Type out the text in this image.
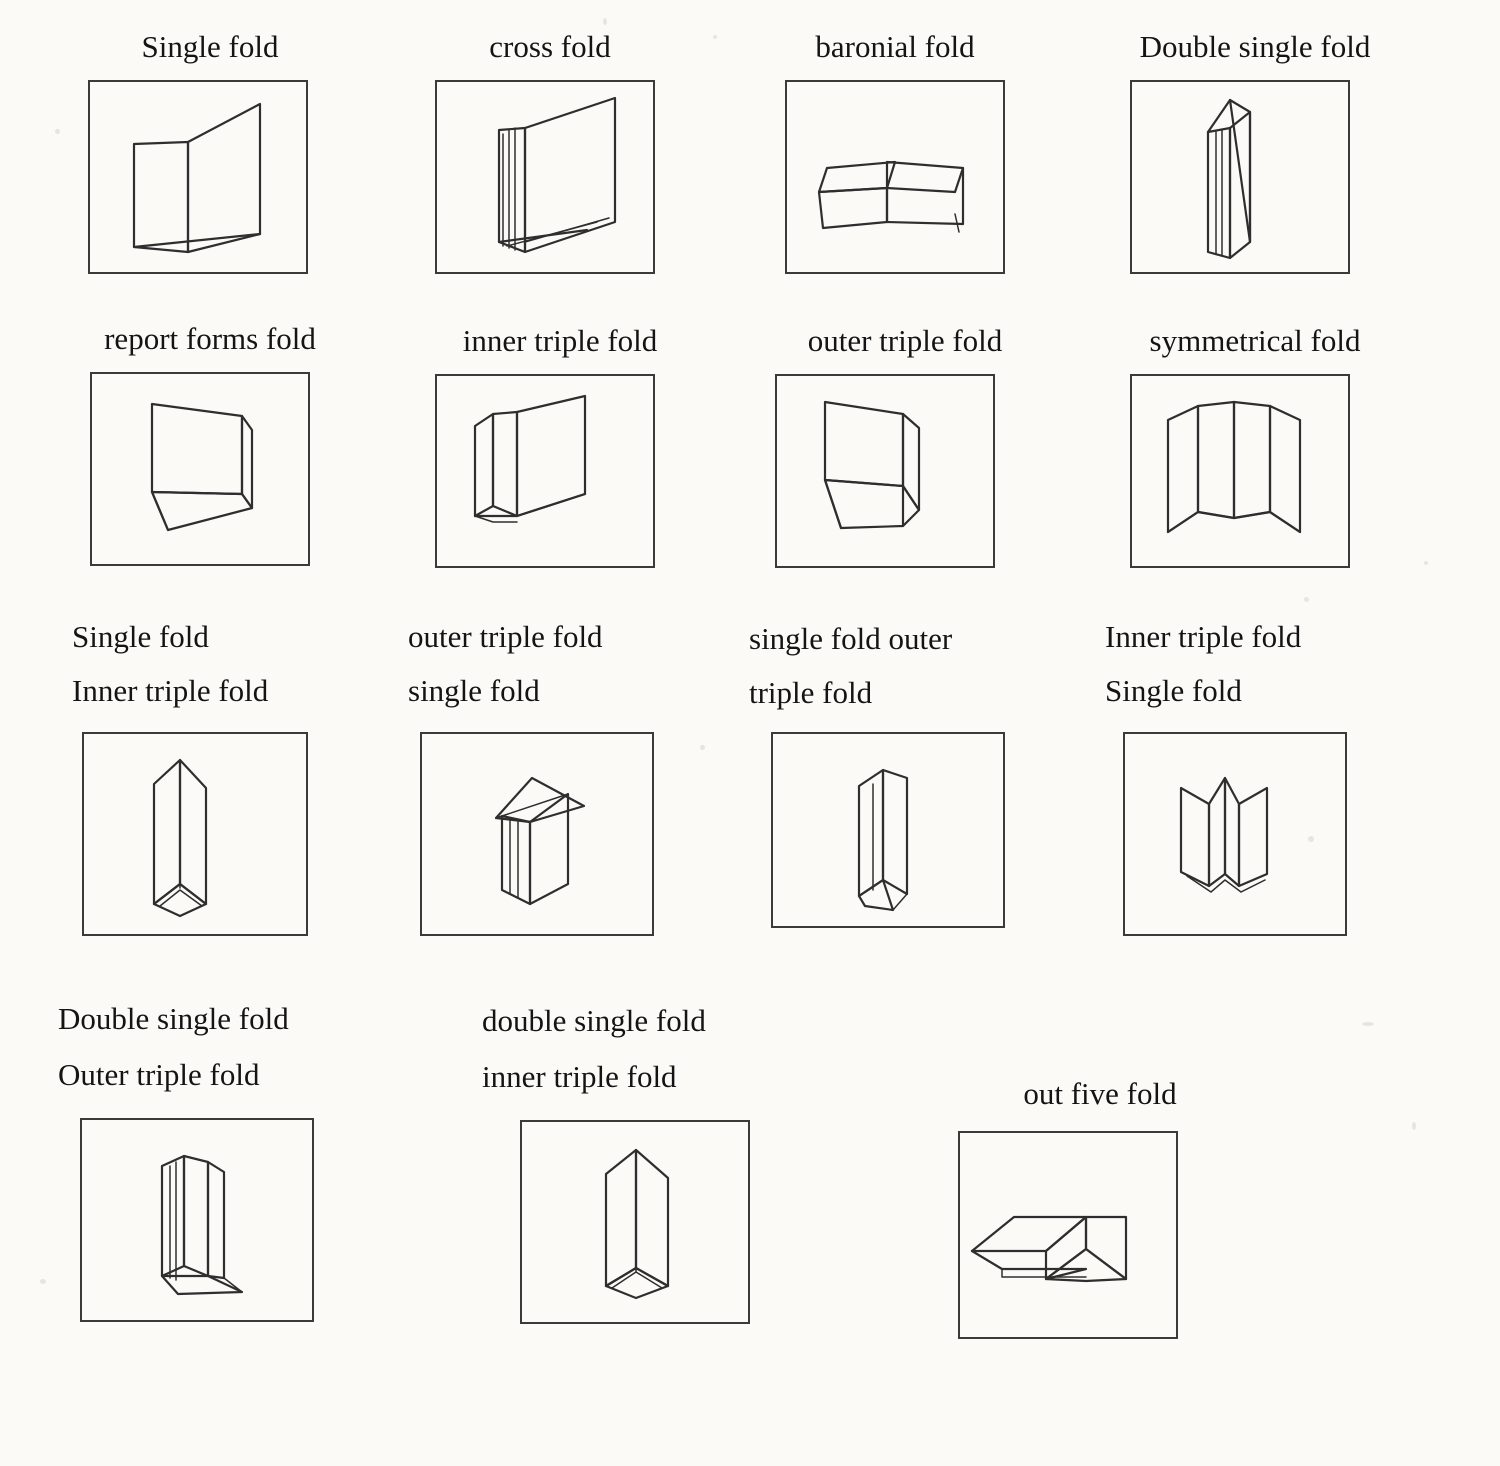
Single fold	cross fold	baronial fold	Double single fold
report forms fold	inner triple fold	outer triple fold	symmetrical fold
Single fold
Inner triple fold
outer triple fold
single fold
single fold outer
triple fold
Inner triple fold
Single fold
Double single fold
Outer triple fold
double single fold
inner triple fold	out five fold
